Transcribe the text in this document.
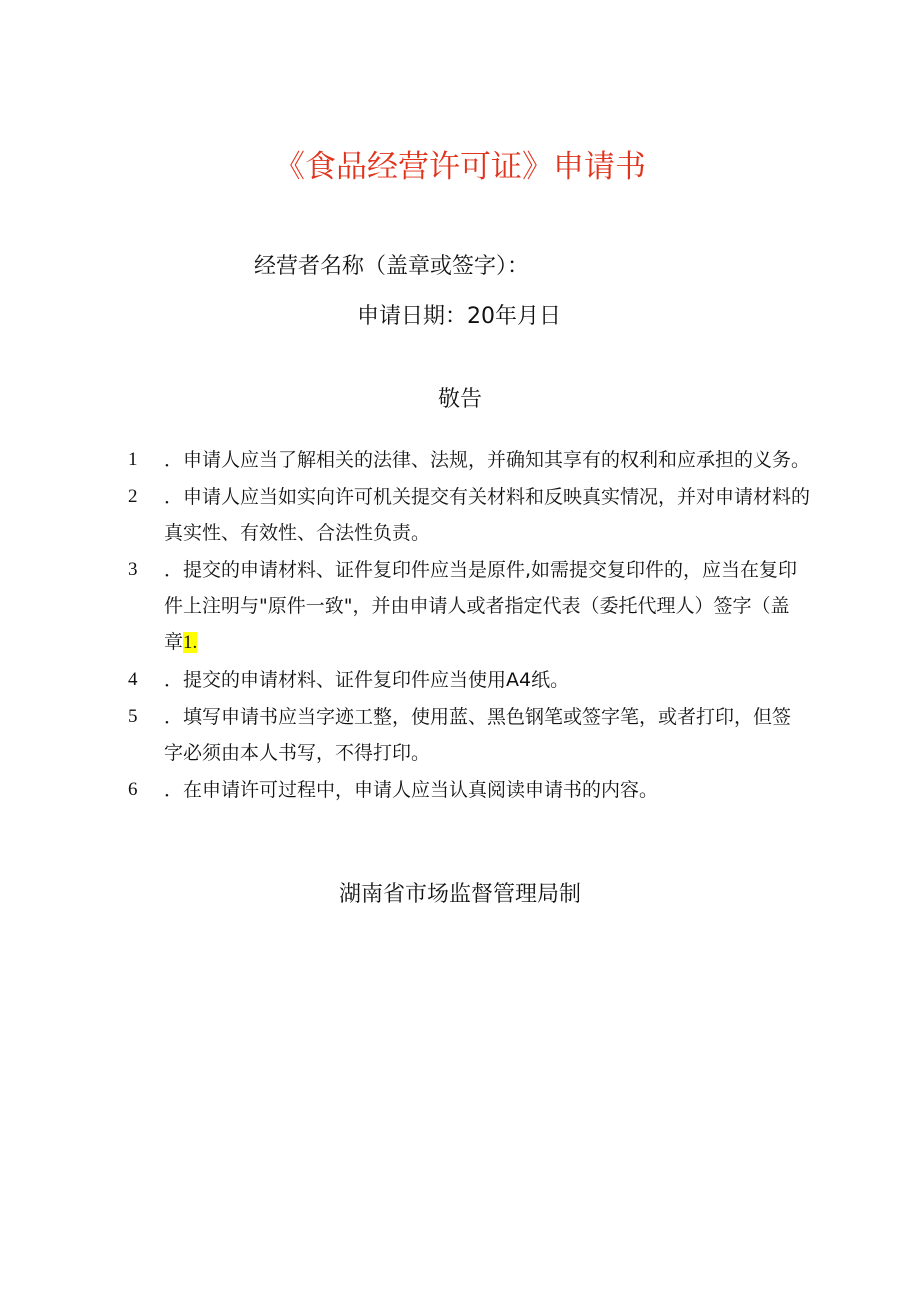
《食品经营许可证》申请书
经营者名称（盖章或签字）：
申请日期：20年月日
敬告
1	．申请人应当了解相关的法律、法规，并确知其享有的权利和应承担的义务。
2	．申请人应当如实向许可机关提交有关材料和反映真实情况，并对申请材料的
真实性、有效性、合法性负责。
3	．提交的申请材料、证件复印件应当是原件,如需提交复印件的，应当在复印
件上注明与"原件一致"，并由申请人或者指定代表（委托代理人）签字（盖
章1.
4	．提交的申请材料、证件复印件应当使用A4纸。
5	．填写申请书应当字迹工整，使用蓝、黑色钢笔或签字笔，或者打印，但签
字必须由本人书写，不得打印。
6	．在申请许可过程中，申请人应当认真阅读申请书的内容。
湖南省市场监督管理局制
